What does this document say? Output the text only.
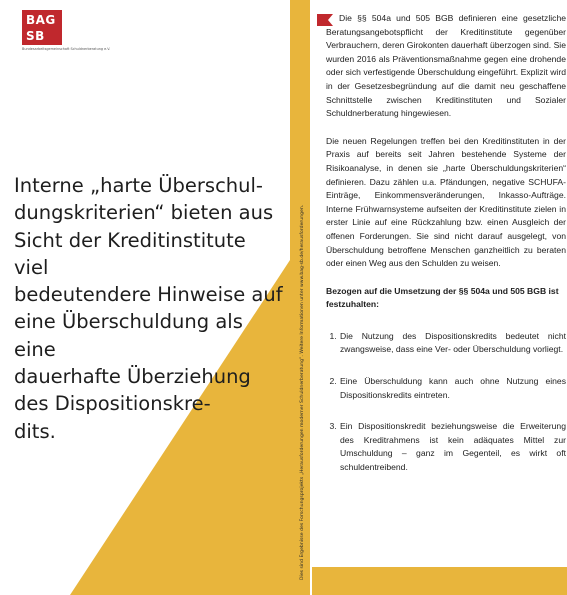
BAG
SB
Bundesarbeitsgemeinschaft Schuldnerberatung e.V.

Interne „harte Überschul-
dungskriterien“ bieten aus
Sicht der Kreditinstitute viel
bedeutendere Hinweise auf
eine Überschuldung als eine
dauerhafte Überziehung
des Dispositionskre-
dits.	Dies sind Ergebnisse des Forschungsprojekts „Herausforderungen moderner Schuldnerberatung“. Weitere Informationen unter www.bag-sb.de/herausforderungen.

Die §§ 504a und 505 BGB definieren eine gesetzliche Beratungsangebotspflicht der Kreditinstitute gegenüber Verbrauchern, deren Girokonten dauerhaft überzogen sind. Sie wurden 2016 als Präventionsmaßnahme gegen eine drohende oder sich verfestigende Überschuldung eingeführt. Explizit wird in der Gesetzesbegründung auf die damit neu geschaffene Schnittstelle zwischen Kreditinstituten und Sozialer Schuldnerberatung hingewiesen.

Die neuen Regelungen treffen bei den Kreditinstituten in der Praxis auf bereits seit Jahren bestehende Systeme der Risikoanalyse, in denen sie „harte Überschuldungskriterien“ definieren. Dazu zählen u.a. Pfändungen, negative SCHUFA-Einträge, Einkommensveränderungen, Inkasso-Aufträge. Interne Frühwarnsysteme aufseiten der Kreditinstitute zielen in erster Linie auf eine Rückzahlung bzw. einen Ausgleich der offenen Forderungen. Sie sind nicht darauf ausgelegt, von Überschuldung betroffene Menschen ganzheitlich zu beraten oder einen Weg aus den Schulden zu weisen.

Bezogen auf die Umsetzung der §§ 504a und 505 BGB ist festzuhalten:

1. Die Nutzung des Dispositionskredits bedeutet nicht zwangsweise, dass eine Ver- oder Überschuldung vorliegt.
2. Eine Überschuldung kann auch ohne Nutzung eines Dispositionskredits eintreten.
3. Ein Dispositionskredit beziehungsweise die Erweiterung des Kreditrahmens ist kein adäquates Mittel zur Umschuldung – ganz im Gegenteil, es wirkt oft schuldentreibend.
